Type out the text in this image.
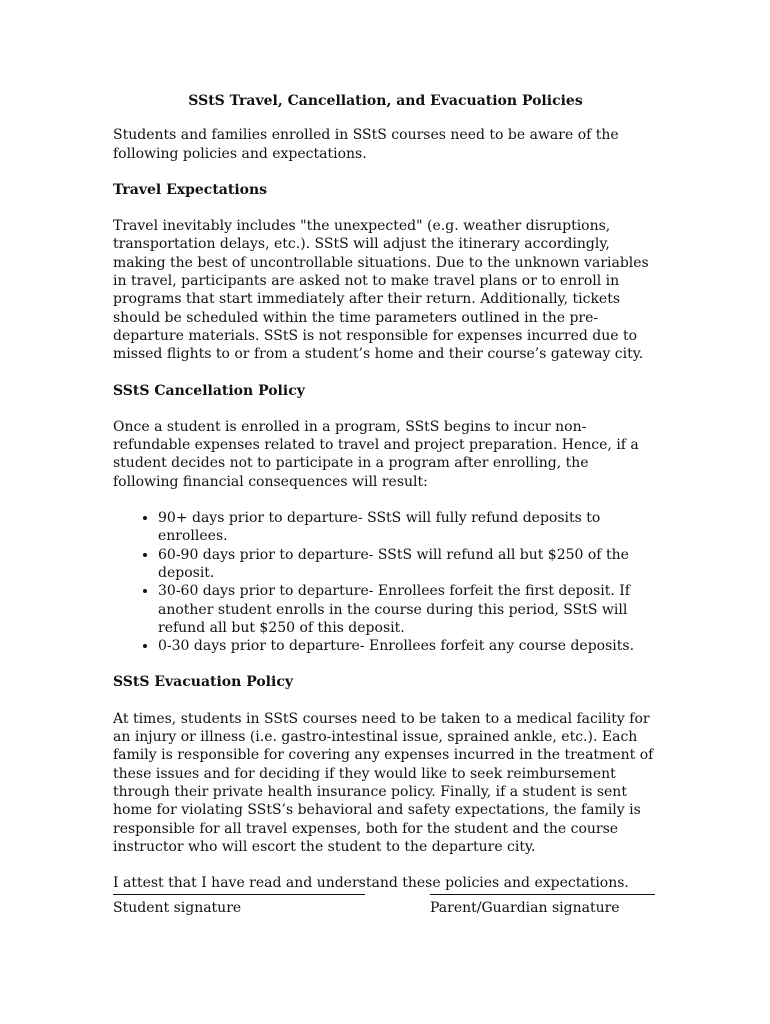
SStS Travel, Cancellation, and Evacuation Policies

Students and families enrolled in SStS courses need to be aware of the following policies and expectations.

Travel Expectations

Travel inevitably includes "the unexpected" (e.g. weather disruptions, transportation delays, etc.). SStS will adjust the itinerary accordingly, making the best of uncontrollable situations. Due to the unknown variables in travel, participants are asked not to make travel plans or to enroll in programs that start immediately after their return. Additionally, tickets should be scheduled within the time parameters outlined in the pre-departure materials. SStS is not responsible for expenses incurred due to missed flights to or from a student’s home and their course’s gateway city.

SStS Cancellation Policy

Once a student is enrolled in a program, SStS begins to incur non-refundable expenses related to travel and project preparation. Hence, if a student decides not to participate in a program after enrolling, the following financial consequences will result:

• 90+ days prior to departure- SStS will fully refund deposits to enrollees.
• 60-90 days prior to departure- SStS will refund all but $250 of the deposit.
• 30-60 days prior to departure- Enrollees forfeit the first deposit. If another student enrolls in the course during this period, SStS will refund all but $250 of this deposit.
• 0-30 days prior to departure- Enrollees forfeit any course deposits.
SStS Evacuation Policy

At times, students in SStS courses need to be taken to a medical facility for an injury or illness (i.e. gastro-intestinal issue, sprained ankle, etc.). Each family is responsible for covering any expenses incurred in the treatment of these issues and for deciding if they would like to seek reimbursement through their private health insurance policy. Finally, if a student is sent home for violating SStS’s behavioral and safety expectations, the family is responsible for all travel expenses, both for the student and the course instructor who will escort the student to the departure city.

I attest that I have read and understand these policies and expectations.

Student signature	Parent/Guardian signature
